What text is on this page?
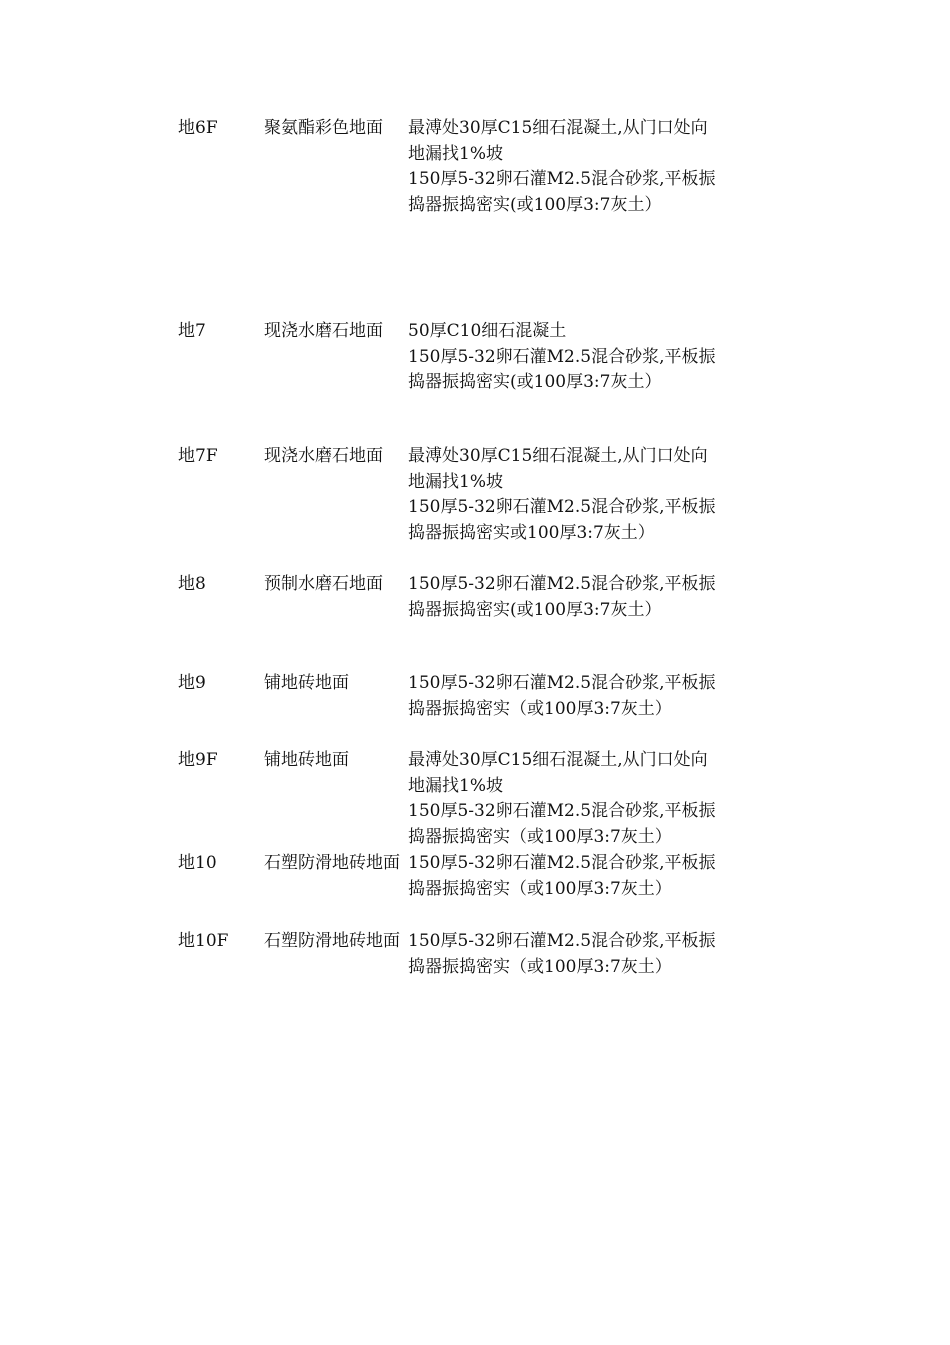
地6F	聚氨酯彩色地面	最溥处30厚C15细石混凝土,从门口处向地漏找1%坡

150厚5-32卵石灌M2.5混合砂浆,平板振捣器振捣密实(或100厚3:7灰土）

地7	现浇水磨石地面	50厚C10细石混凝土

150厚5-32卵石灌M2.5混合砂浆,平板振捣器振捣密实(或100厚3:7灰土）

地7F	现浇水磨石地面	最溥处30厚C15细石混凝土,从门口处向地漏找1%坡

150厚5-32卵石灌M2.5混合砂浆,平板振捣器振捣密实或100厚3:7灰土）

地8	预制水磨石地面	150厚5-32卵石灌M2.5混合砂浆,平板振捣器振捣密实(或100厚3:7灰土）

地9	铺地砖地面	150厚5-32卵石灌M2.5混合砂浆,平板振捣器振捣密实（或100厚3:7灰土）

地9F	铺地砖地面	最溥处30厚C15细石混凝土,从门口处向地漏找1%坡

150厚5-32卵石灌M2.5混合砂浆,平板振捣器振捣密实（或100厚3:7灰土）

地10	石塑防滑地砖地面 150厚5-32卵石灌M2.5混合砂浆,平板振捣器振捣密实（或100厚3:7灰土）

地10F	石塑防滑地砖地面 150厚5-32卵石灌M2.5混合砂浆,平板振捣器振捣密实（或100厚3:7灰土）
